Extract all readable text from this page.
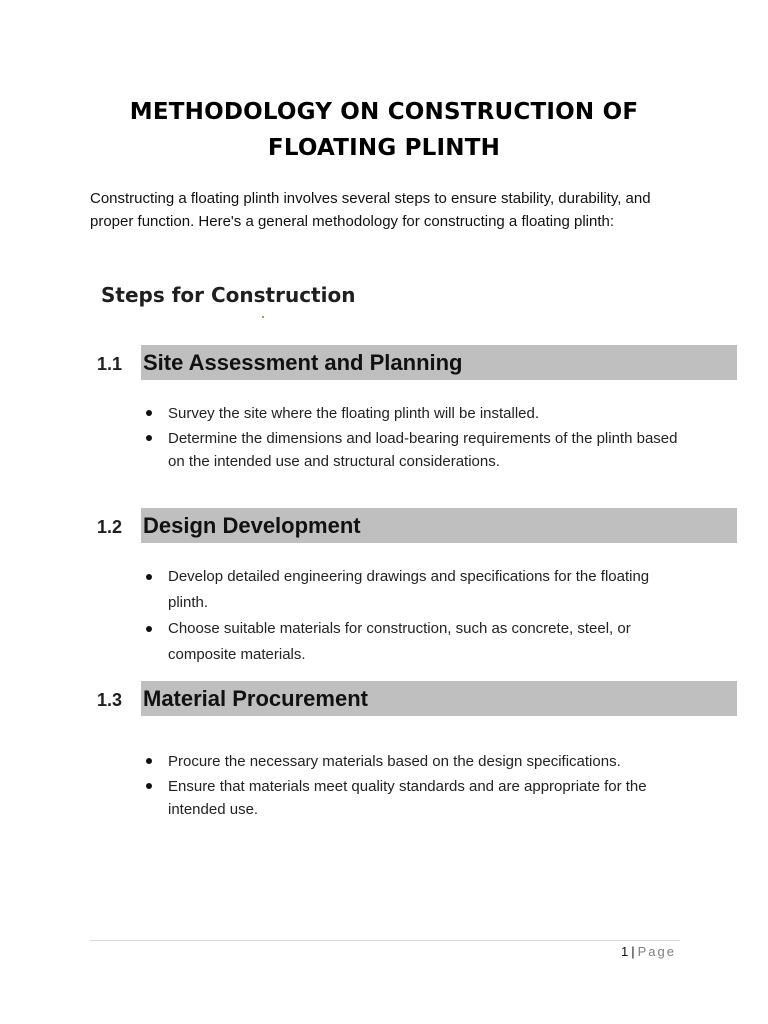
METHODOLOGY ON CONSTRUCTION OF
FLOATING PLINTH

Constructing a floating plinth involves several steps to ensure stability, durability, and proper function. Here's a general methodology for constructing a floating plinth:

Steps for Construction
1.1 Site Assessment and Planning
Survey the site where the floating plinth will be installed.
Determine the dimensions and load-bearing requirements of the plinth based on the intended use and structural considerations.
1.2 Design Development
Develop detailed engineering drawings and specifications for the floating plinth.
Choose suitable materials for construction, such as concrete, steel, or composite materials.
1.3 Material Procurement
Procure the necessary materials based on the design specifications.
Ensure that materials meet quality standards and are appropriate for the intended use.
1 | Page
